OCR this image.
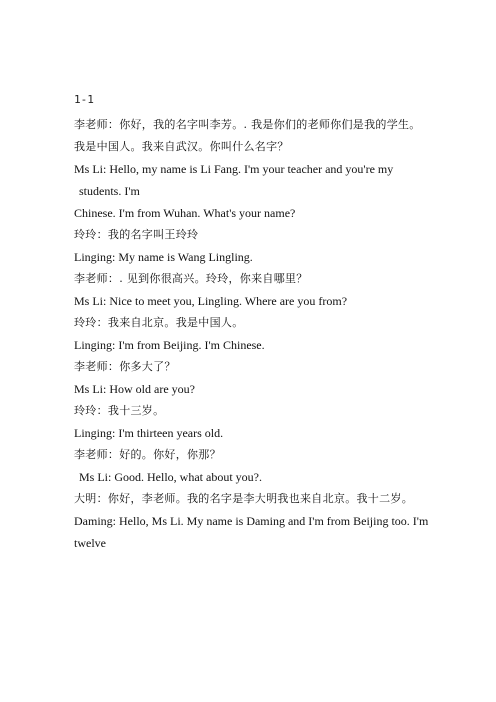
1-1
李老师：你好，我的名字叫李芳。. 我是你们的老师你们是我的学生。
我是中国人。我来自武汉。你叫什么名字？
Ms Li: Hello, my name is Li Fang. I'm your teacher and you're my
students. I'm
Chinese. I'm from Wuhan. What's your name?
玲玲：我的名字叫王玲玲
Linging: My name is Wang Lingling.
李老师：. 见到你很高兴。玲玲，你来自哪里？
Ms Li: Nice to meet you, Lingling. Where are you from?
玲玲：我来自北京。我是中国人。
Linging: I'm from Beijing. I'm Chinese.
李老师：你多大了？
Ms Li: How old are you?
玲玲：我十三岁。
Linging: I'm thirteen years old.
李老师：好的。你好，你那？
Ms Li: Good. Hello, what about you?.
大明：你好，李老师。我的名字是李大明我也来自北京。我十二岁。
Daming: Hello, Ms Li. My name is Daming and I'm from Beijing too. I'm
twelve
